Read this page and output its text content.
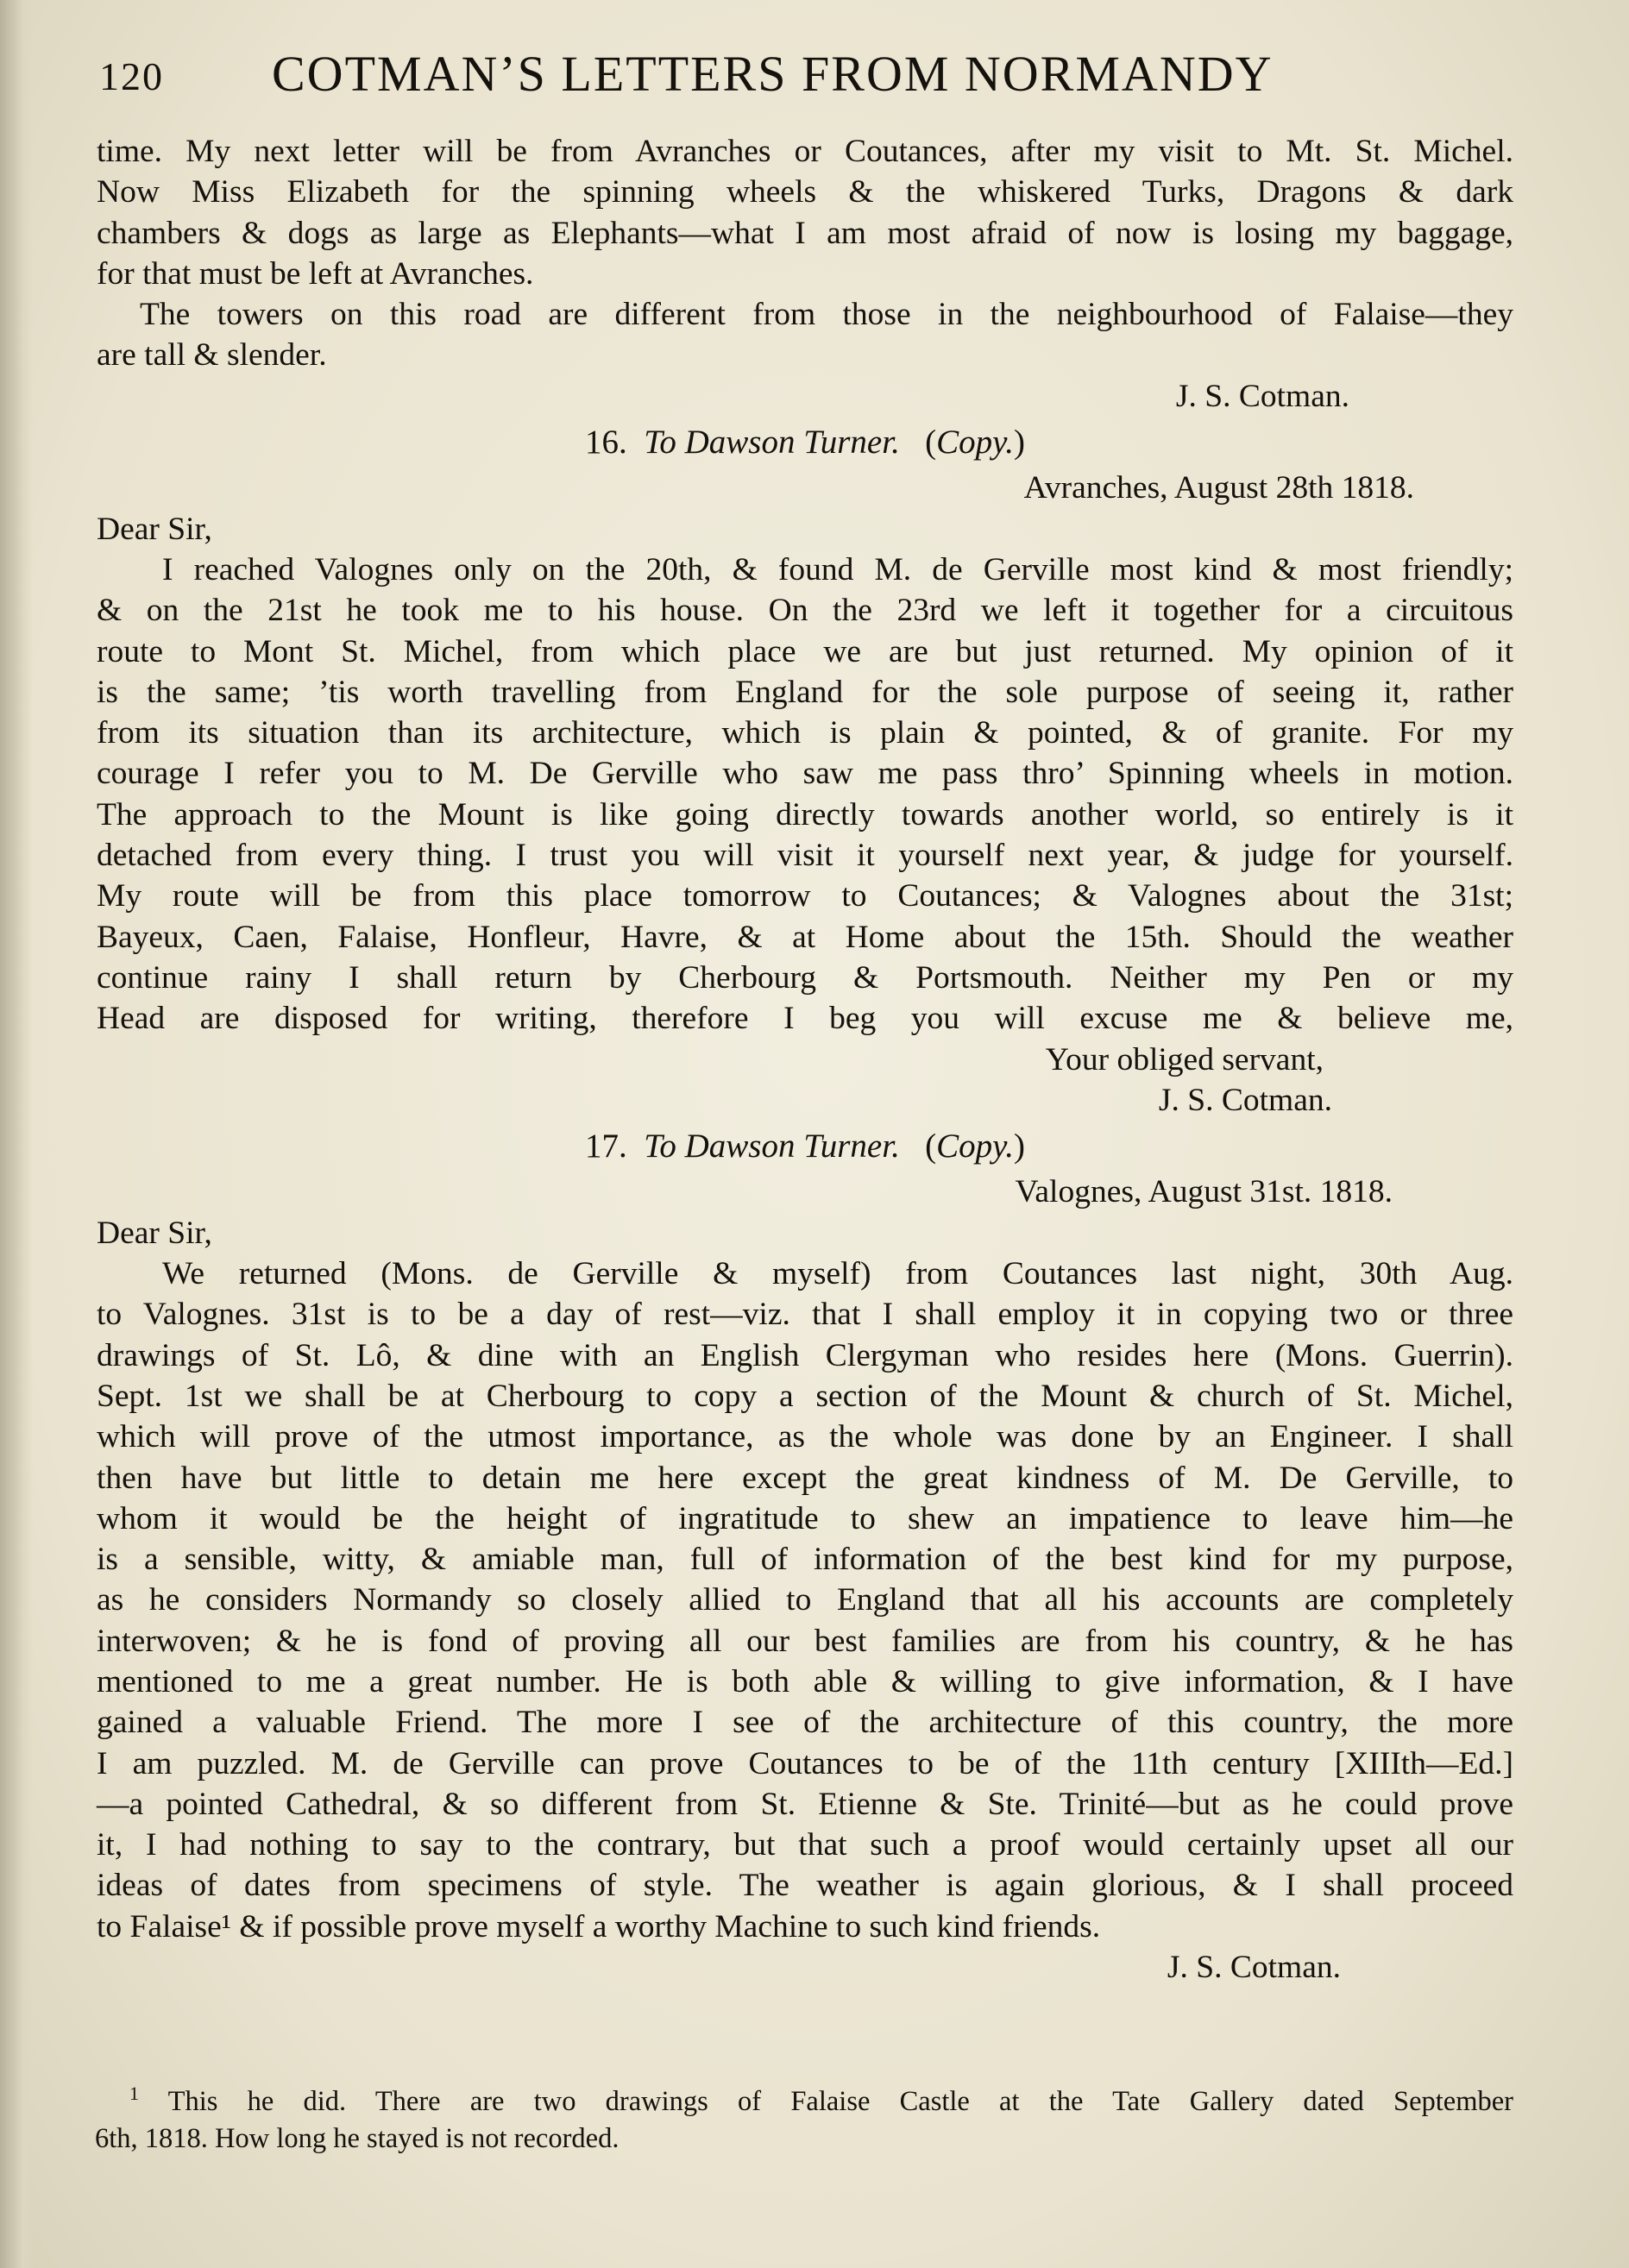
120 COTMAN’S LETTERS FROM NORMANDY
time. My next letter will be from Avranches or Coutances, after my visit to Mt. St. Michel.
Now Miss Elizabeth for the spinning wheels & the whiskered Turks, Dragons & dark
chambers & dogs as large as Elephants—what I am most afraid of now is losing my baggage,
for that must be left at Avranches.
The towers on this road are different from those in the neighbourhood of Falaise—they
are tall & slender.
J. S. Cotman.
16. To Dawson Turner. (Copy.)
Avranches, August 28th 1818.
Dear Sir,
I reached Valognes only on the 20th, & found M. de Gerville most kind & most friendly;
& on the 21st he took me to his house. On the 23rd we left it together for a circuitous
route to Mont St. Michel, from which place we are but just returned. My opinion of it
is the same; ’tis worth travelling from England for the sole purpose of seeing it, rather
from its situation than its architecture, which is plain & pointed, & of granite. For my
courage I refer you to M. De Gerville who saw me pass thro’ Spinning wheels in motion.
The approach to the Mount is like going directly towards another world, so entirely is it
detached from every thing. I trust you will visit it yourself next year, & judge for yourself.
My route will be from this place tomorrow to Coutances; & Valognes about the 31st;
Bayeux, Caen, Falaise, Honfleur, Havre, & at Home about the 15th. Should the weather
continue rainy I shall return by Cherbourg & Portsmouth. Neither my Pen or my
Head are disposed for writing, therefore I beg you will excuse me & believe me,
Your obliged servant,
J. S. Cotman.
17. To Dawson Turner. (Copy.)
Valognes, August 31st. 1818.
Dear Sir,
We returned (Mons. de Gerville & myself) from Coutances last night, 30th Aug.
to Valognes. 31st is to be a day of rest—viz. that I shall employ it in copying two or three
drawings of St. Lô, & dine with an English Clergyman who resides here (Mons. Guerrin).
Sept. 1st we shall be at Cherbourg to copy a section of the Mount & church of St. Michel,
which will prove of the utmost importance, as the whole was done by an Engineer. I shall
then have but little to detain me here except the great kindness of M. De Gerville, to
whom it would be the height of ingratitude to shew an impatience to leave him—he
is a sensible, witty, & amiable man, full of information of the best kind for my purpose,
as he considers Normandy so closely allied to England that all his accounts are completely
interwoven; & he is fond of proving all our best families are from his country, & he has
mentioned to me a great number. He is both able & willing to give information, & I have
gained a valuable Friend. The more I see of the architecture of this country, the more
I am puzzled. M. de Gerville can prove Coutances to be of the 11th century [XIIIth—Ed.]
—a pointed Cathedral, & so different from St. Etienne & Ste. Trinité—but as he could prove
it, I had nothing to say to the contrary, but that such a proof would certainly upset all our
ideas of dates from specimens of style. The weather is again glorious, & I shall proceed
to Falaise¹ & if possible prove myself a worthy Machine to such kind friends.
J. S. Cotman.
$^1$ This he did. There are two drawings of Falaise Castle at the Tate Gallery dated September
6th, 1818. How long he stayed is not recorded.
